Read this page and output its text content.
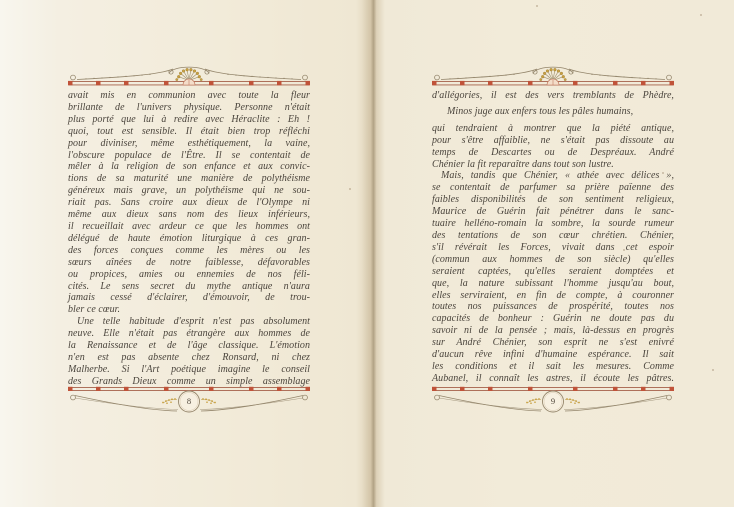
avait mis en communion avec toute la fleur
brillante de l'univers physique. Personne n'était
plus porté que lui à redire avec Héraclite : Eh !
quoi, tout est sensible. Il était bien trop réfléchi
pour diviniser, même esthétiquement, la vaine,
l'obscure populace de l'Être. Il se contentait de
mêler à la religion de son enfance et aux convic-
tions de sa maturité une manière de polythéisme
généreux mais grave, un polythéisme qui ne sou-
riait pas. Sans croire aux dieux de l'Olympe ni
même aux dieux sans nom des lieux inférieurs,
il recueillait avec ardeur ce que les hommes ont
délégué de haute émotion liturgique à ces gran-
des forces conçues comme les mères ou les
sœurs aînées de notre faiblesse, défavorables
ou propices, amies ou ennemies de nos féli-
cités. Le sens secret du mythe antique n'aura
jamais cessé d'éclairer, d'émouvoir, de trou-
bler ce cœur.
Une telle habitude d'esprit n'est pas absolument
neuve. Elle n'était pas étrangère aux hommes de
la Renaissance et de l'âge classique. L'émotion
n'en est pas absente chez Ronsard, ni chez
Malherbe. Si l'Art poétique imagine le conseil
des Grands Dieux comme un simple assemblage
8
d'allégories, il est des vers tremblants de Phèdre,
Minos juge aux enfers tous les pâles humains,
qui tendraient à montrer que la piété antique,
pour s'être affaiblie, ne s'était pas dissoute au
temps de Descartes ou de Despréaux. André
Chénier la fit reparaître dans tout son lustre.
Mais, tandis que Chénier, « athée avec délices »,
se contentait de parfumer sa prière païenne des
faibles disponibilités de son sentiment religieux,
Maurice de Guérin fait pénétrer dans le sanc-
tuaire helléno-romain la sombre, la sourde rumeur
des tentations de son cœur chrétien. Chénier,
s'il révérait les Forces, vivait dans cet espoir
(commun aux hommes de son siècle) qu'elles
seraient captées, qu'elles seraient domptées et
que, la nature subissant l'homme jusqu'au bout,
elles serviraient, en fin de compte, à couronner
toutes nos puissances de prospérité, toutes nos
capacités de bonheur : Guérin ne doute pas du
savoir ni de la pensée ; mais, là-dessus en progrès
sur André Chénier, son esprit ne s'est enivré
d'aucun rêve infini d'humaine espérance. Il sait
les conditions et il sait les mesures. Comme
Aubanel, il connaît les astres, il écoute les pâtres.
9
